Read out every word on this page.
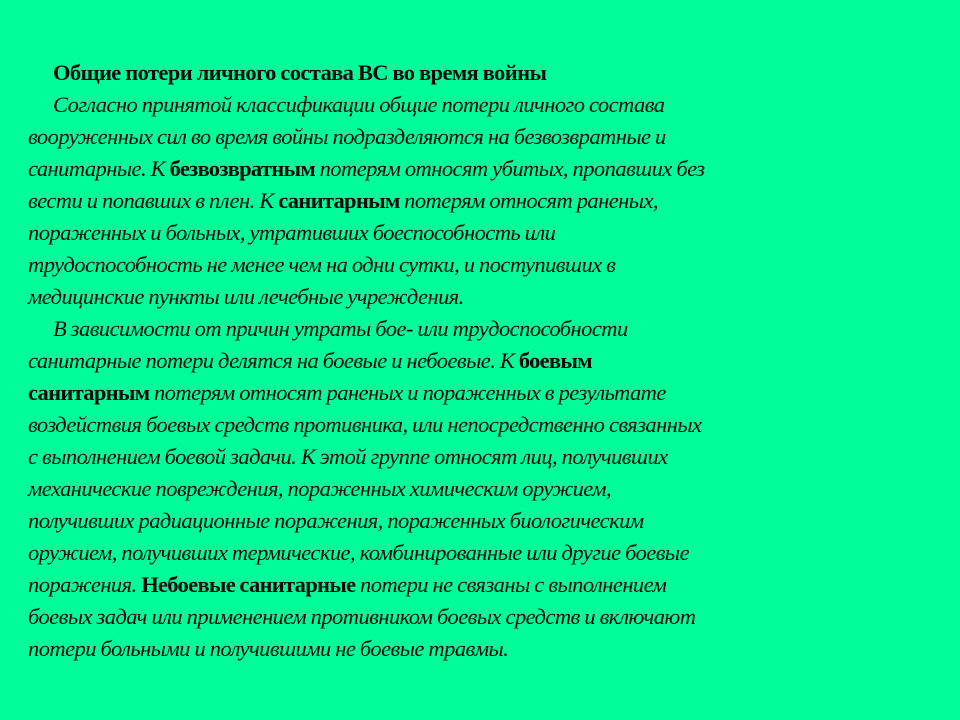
Общие потери личного состава ВС во время войны
Согласно принятой классификации общие потери личного состава
вооруженных сил во время войны подразделяются на безвозвратные и
санитарные. К безвозвратным потерям относят убитых, пропавших без
вести и попавших в плен. К санитарным потерям относят раненых,
пораженных и больных, утративших боеспособность или
трудоспособность не менее чем на одни сутки, и поступивших в
медицинские пункты или лечебные учреждения.
В зависимости от причин утраты бое- или трудоспособности
санитарные потери делятся на боевые и небоевые. К боевым
санитарным потерям относят раненых и пораженных в результате
воздействия боевых средств противника, или непосредственно связанных
с выполнением боевой задачи. К этой группе относят лиц, получивших
механические повреждения, пораженных химическим оружием,
получивших радиационные поражения, пораженных биологическим
оружием, получивших термические, комбинированные или другие боевые
поражения. Небоевые санитарные потери не связаны с выполнением
боевых задач или применением противником боевых средств и включают
потери больными и получившими не боевые травмы.
